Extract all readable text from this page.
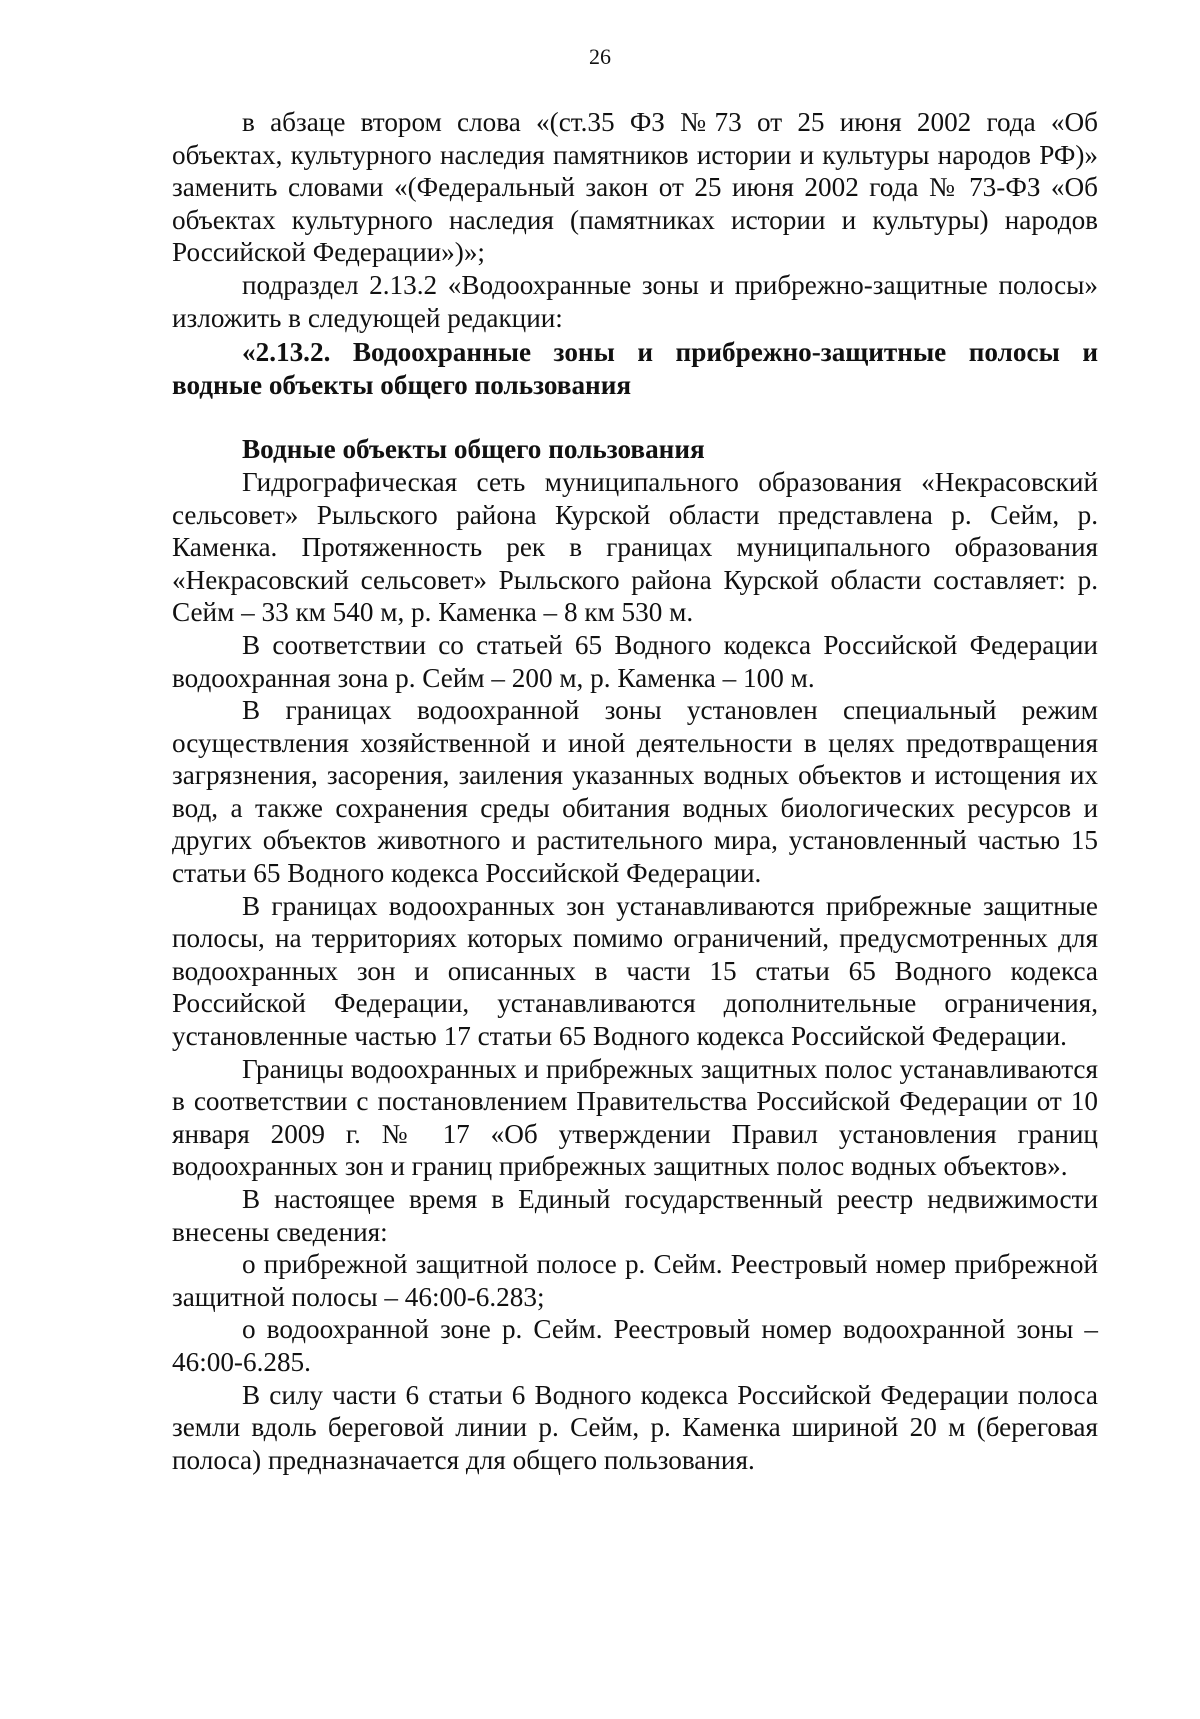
26

в абзаце втором слова «(ст.35 ФЗ №73 от 25 июня 2002 года «Об объектах, культурного наследия памятников истории и культуры народов РФ)» заменить словами «(Федеральный закон от 25 июня 2002 года № 73-ФЗ «Об объектах культурного наследия (памятниках истории и культуры) народов Российской Федерации»)»;

подраздел 2.13.2 «Водоохранные зоны и прибрежно-защитные полосы» изложить в следующей редакции:

«2.13.2. Водоохранные зоны и прибрежно-защитные полосы и водные объекты общего пользования

Водные объекты общего пользования

Гидрографическая сеть муниципального образования «Некрасовский сельсовет» Рыльского района Курской области представлена р. Сейм, р. Каменка. Протяженность рек в границах муниципального образования «Некрасовский сельсовет» Рыльского района Курской области составляет: р. Сейм – 33 км 540 м, р. Каменка – 8 км 530 м.

В соответствии со статьей 65 Водного кодекса Российской Федерации водоохранная зона р. Сейм – 200 м, р. Каменка – 100 м.

В границах водоохранной зоны установлен специальный режим осуществления хозяйственной и иной деятельности в целях предотвращения загрязнения, засорения, заиления указанных водных объектов и истощения их вод, а также сохранения среды обитания водных биологических ресурсов и других объектов животного и растительного мира, установленный частью 15 статьи 65 Водного кодекса Российской Федерации.

В границах водоохранных зон устанавливаются прибрежные защитные полосы, на территориях которых помимо ограничений, предусмотренных для водоохранных зон и описанных в части 15 статьи 65 Водного кодекса Российской Федерации, устанавливаются дополнительные ограничения, установленные частью 17 статьи 65 Водного кодекса Российской Федерации.

Границы водоохранных и прибрежных защитных полос устанавливаются в соответствии с постановлением Правительства Российской Федерации от 10 января 2009 г. № 17 «Об утверждении Правил установления границ водоохранных зон и границ прибрежных защитных полос водных объектов».

В настоящее время в Единый государственный реестр недвижимости внесены сведения:

о прибрежной защитной полосе р. Сейм. Реестровый номер прибрежной защитной полосы – 46:00-6.283;

о водоохранной зоне р. Сейм. Реестровый номер водоохранной зоны – 46:00-6.285.

В силу части 6 статьи 6 Водного кодекса Российской Федерации полоса земли вдоль береговой линии р. Сейм, р. Каменка шириной 20 м (береговая полоса) предназначается для общего пользования.
